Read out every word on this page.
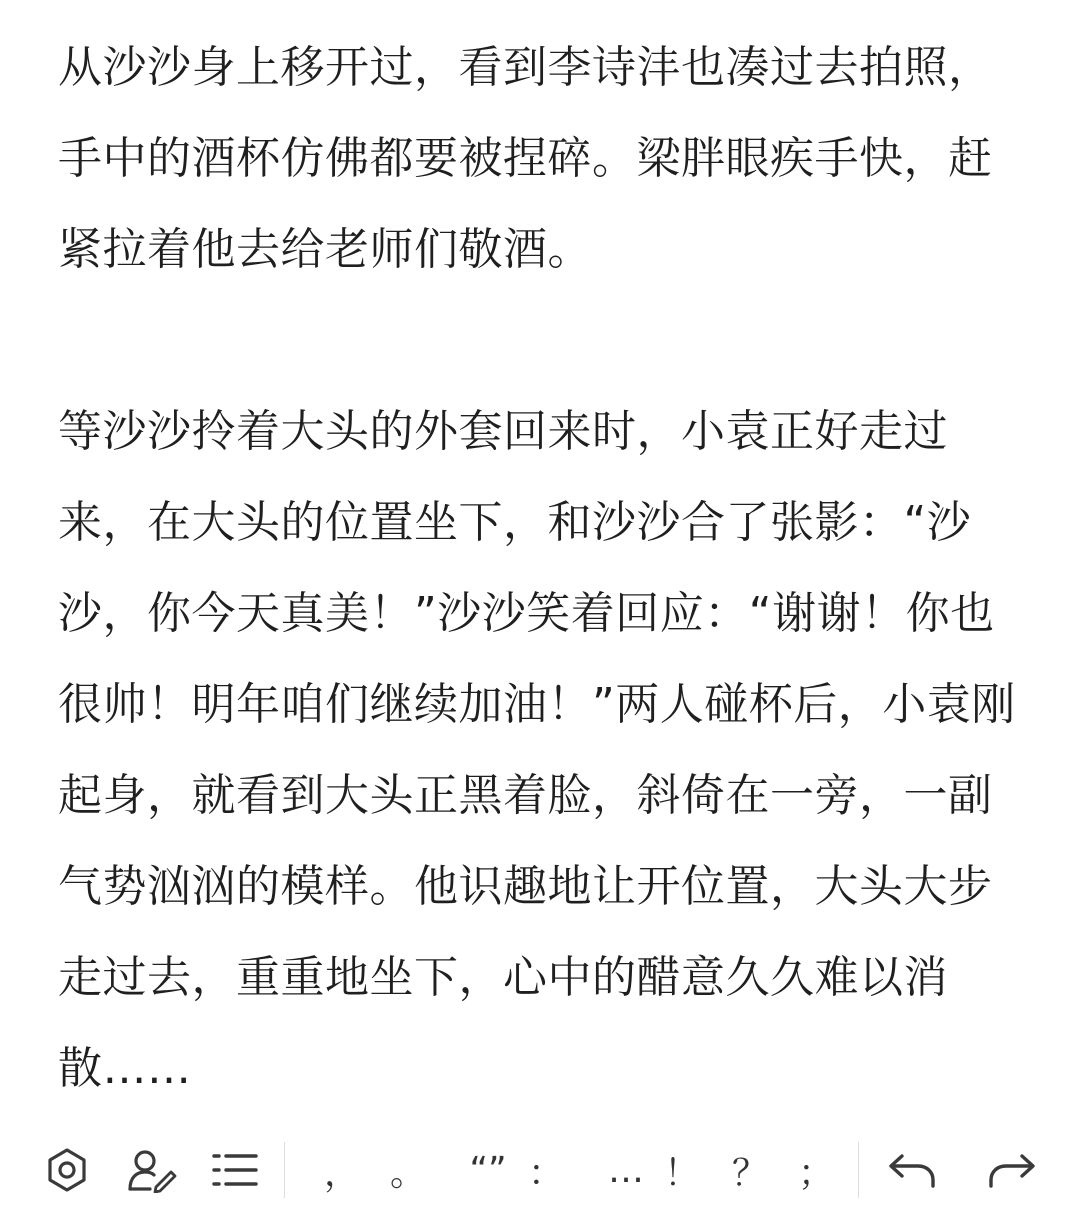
从沙沙身上移开过，看到李诗沣也凑过去拍照，手中的酒杯仿佛都要被捏碎。梁胖眼疾手快，赶紧拉着他去给老师们敬酒。

等沙沙拎着大头的外套回来时，小袁正好走过来，在大头的位置坐下，和沙沙合了张影：“沙沙，你今天真美！”沙沙笑着回应：“谢谢！你也很帅！明年咱们继续加油！”两人碰杯后，小袁刚起身，就看到大头正黑着脸，斜倚在一旁，一副气势汹汹的模样。他识趣地让开位置，大头大步走过去，重重地坐下，心中的醋意久久难以消散……

， 。	“” ：	… ！ ？ ；
